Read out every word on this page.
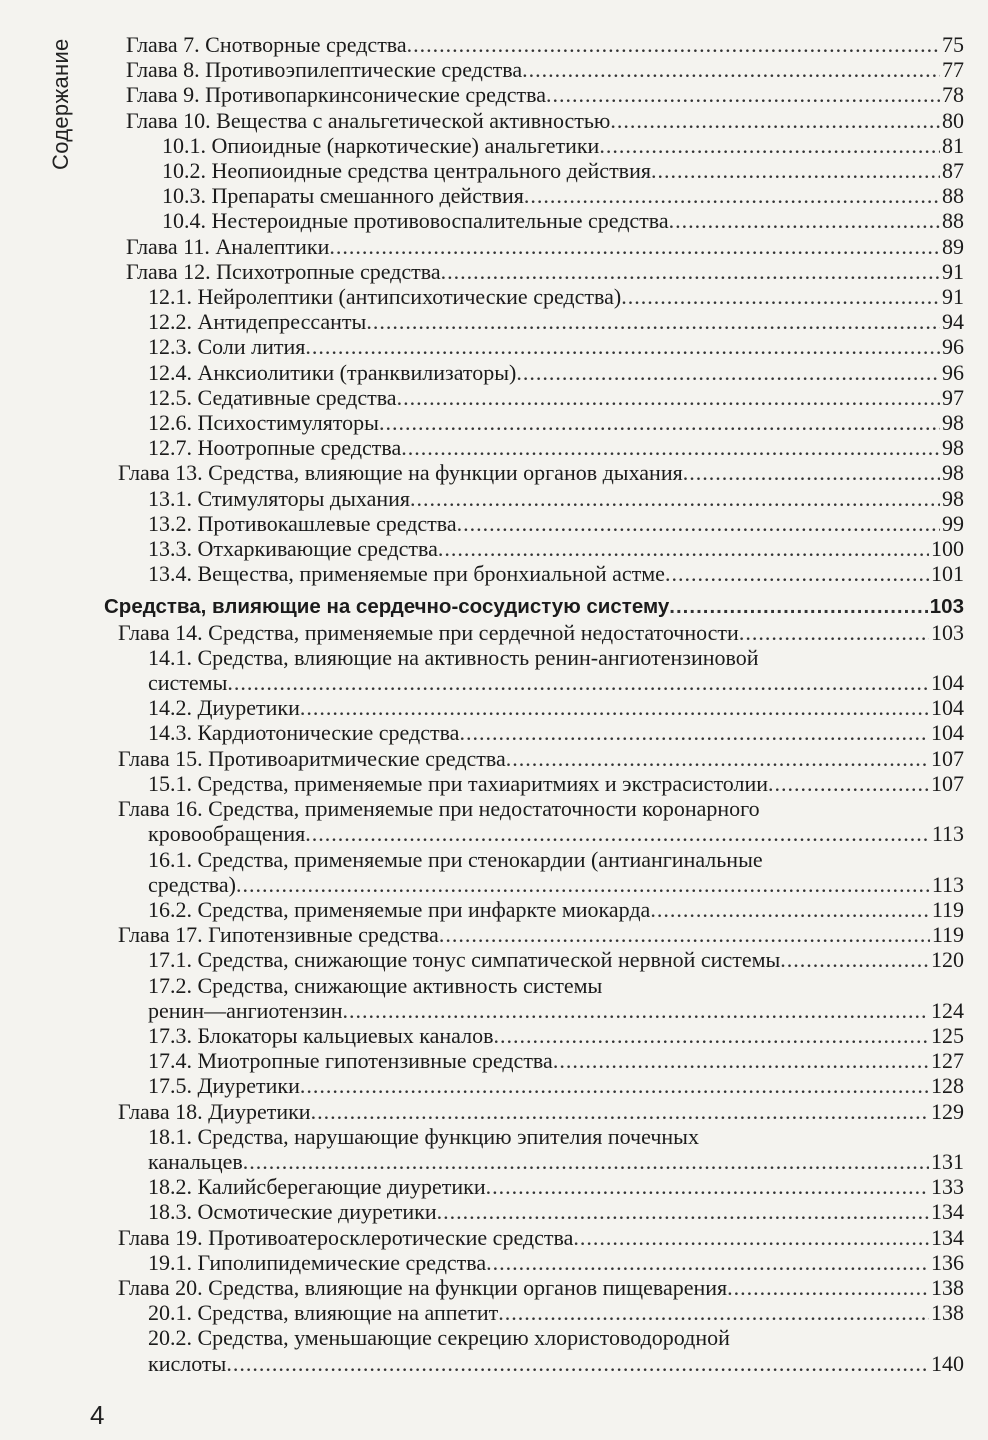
Содержание Глава 7. Снотворные средства .....	75
Глава 8. Противоэпилептические средства .....	77
Глава 9. Противопаркинсонические средства .....	78
Глава 10. Вещества с анальгетической активностью .....	80
10.1. Опиоидные (наркотические) анальгетики .....	81
10.2. Неопиоидные средства центрального действия .....	87
10.3. Препараты смешанного действия .....	88
10.4. Нестероидные противовоспалительные средства .....	88
Глава 11. Аналептики .....	89
Глава 12. Психотропные средства .....	91
12.1. Нейролептики (антипсихотические средства) .....	91
12.2. Антидепрессанты .....	94
12.3. Соли лития .....	96
12.4. Анксиолитики (транквилизаторы) .....	96
12.5. Седативные средства .....	97
12.6. Психостимуляторы .....	98
12.7. Ноотропные средства .....	98
Глава 13. Средства, влияющие на функции органов дыхания .....	98
13.1. Стимуляторы дыхания .....	98
13.2. Противокашлевые средства .....	99
13.3. Отхаркивающие средства .....	100
13.4. Вещества, применяемые при бронхиальной астме .....	101
Средства, влияющие на сердечно-сосудистую систему .....	103
Глава 14. Средства, применяемые при сердечной недостаточности .....	103
14.1. Средства, влияющие на активность ренин-ангиотензиновой
системы .....	104
14.2. Диуретики .....	104
14.3. Кардиотонические средства .....	104
Глава 15. Противоаритмические средства .....	107
15.1. Средства, применяемые при тахиаритмиях и экстрасистолии .....	107
Глава 16. Средства, применяемые при недостаточности коронарного
кровообращения .....	113
16.1. Средства, применяемые при стенокардии (антиангинальные
средства) .....	113
16.2. Средства, применяемые при инфаркте миокарда .....	119
Глава 17. Гипотензивные средства .....	119
17.1. Средства, снижающие тонус симпатической нервной системы .....	120
17.2. Средства, снижающие активность системы
ренин—ангиотензин .....	124
17.3. Блокаторы кальциевых каналов .....	125
17.4. Миотропные гипотензивные средства .....	127
17.5. Диуретики .....	128
Глава 18. Диуретики .....	129
18.1. Средства, нарушающие функцию эпителия почечных
канальцев .....	131
18.2. Калийсберегающие диуретики .....	133
18.3. Осмотические диуретики .....	134
Глава 19. Противоатеросклеротические средства .....	134
19.1. Гиполипидемические средства .....	136
Глава 20. Средства, влияющие на функции органов пищеварения .....	138
20.1. Средства, влияющие на аппетит .....	138
20.2. Средства, уменьшающие секрецию хлористоводородной
кислоты .....	140
4
